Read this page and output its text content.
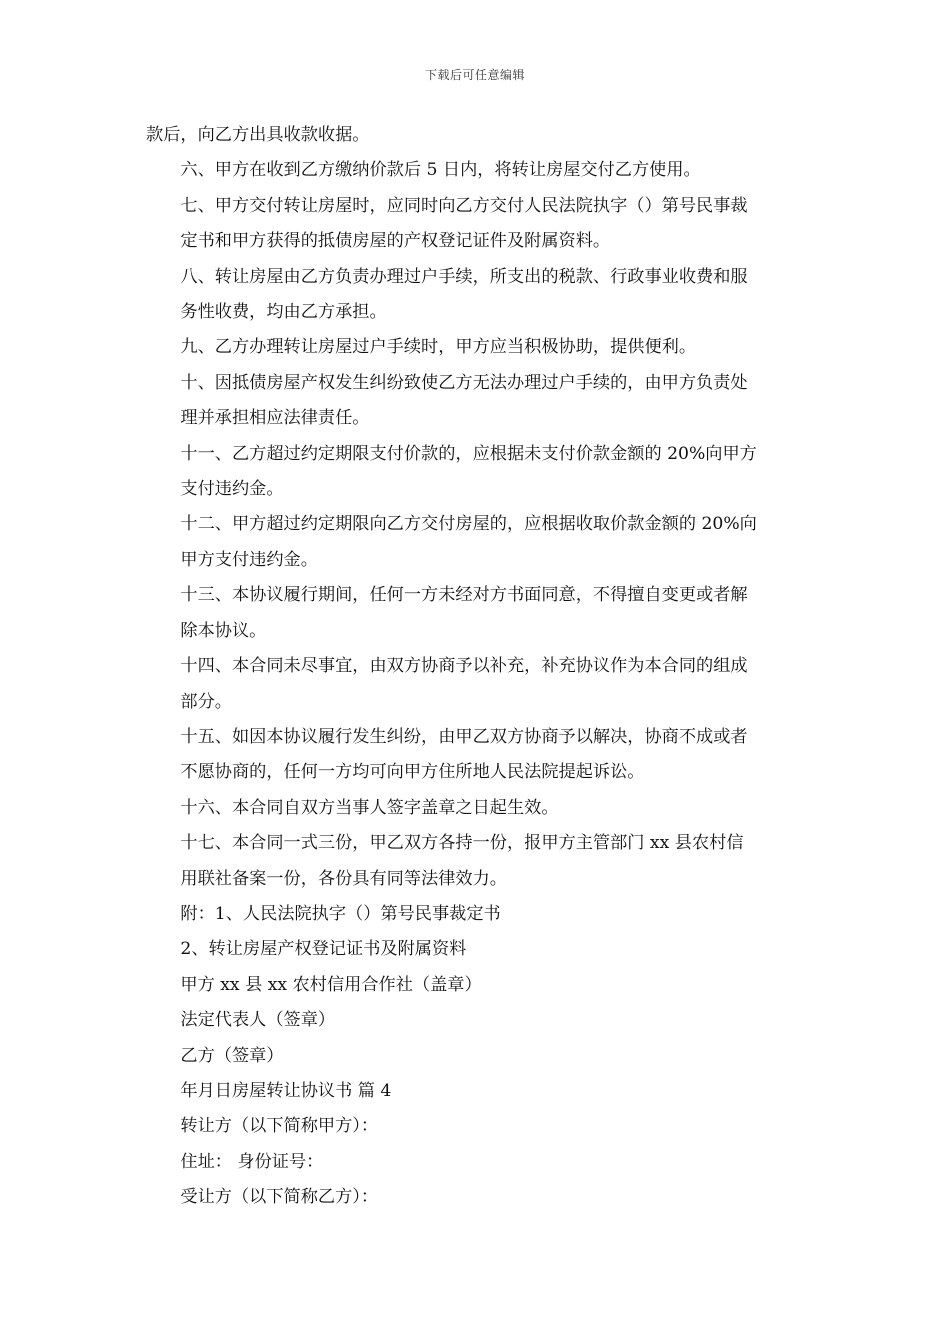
下载后可任意编辑

款后，向乙方出具收款收据。

六、甲方在收到乙方缴纳价款后 5 日内，将转让房屋交付乙方使用。

七、甲方交付转让房屋时，应同时向乙方交付人民法院执字（）第号民事裁
定书和甲方获得的抵债房屋的产权登记证件及附属资料。

八、转让房屋由乙方负责办理过户手续，所支出的税款、行政事业收费和服
务性收费，均由乙方承担。

九、乙方办理转让房屋过户手续时，甲方应当积极协助，提供便利。

十、因抵债房屋产权发生纠纷致使乙方无法办理过户手续的，由甲方负责处
理并承担相应法律责任。

十一、乙方超过约定期限支付价款的，应根据未支付价款金额的 20%向甲方
支付违约金。

十二、甲方超过约定期限向乙方交付房屋的，应根据收取价款金额的 20%向
甲方支付违约金。

十三、本协议履行期间，任何一方未经对方书面同意，不得擅自变更或者解
除本协议。

十四、本合同未尽事宜，由双方协商予以补充，补充协议作为本合同的组成
部分。

十五、如因本协议履行发生纠纷，由甲乙双方协商予以解决，协商不成或者
不愿协商的，任何一方均可向甲方住所地人民法院提起诉讼。

十六、本合同自双方当事人签字盖章之日起生效。

十七、本合同一式三份，甲乙双方各持一份，报甲方主管部门 xx 县农村信
用联社备案一份，各份具有同等法律效力。

附：1、人民法院执字（）第号民事裁定书

2、转让房屋产权登记证书及附属资料

甲方 xx 县 xx 农村信用合作社（盖章）

法定代表人（签章）

乙方（签章）

年月日房屋转让协议书 篇 4

转让方（以下简称甲方）：

住址： 身份证号：

受让方（以下简称乙方）：
